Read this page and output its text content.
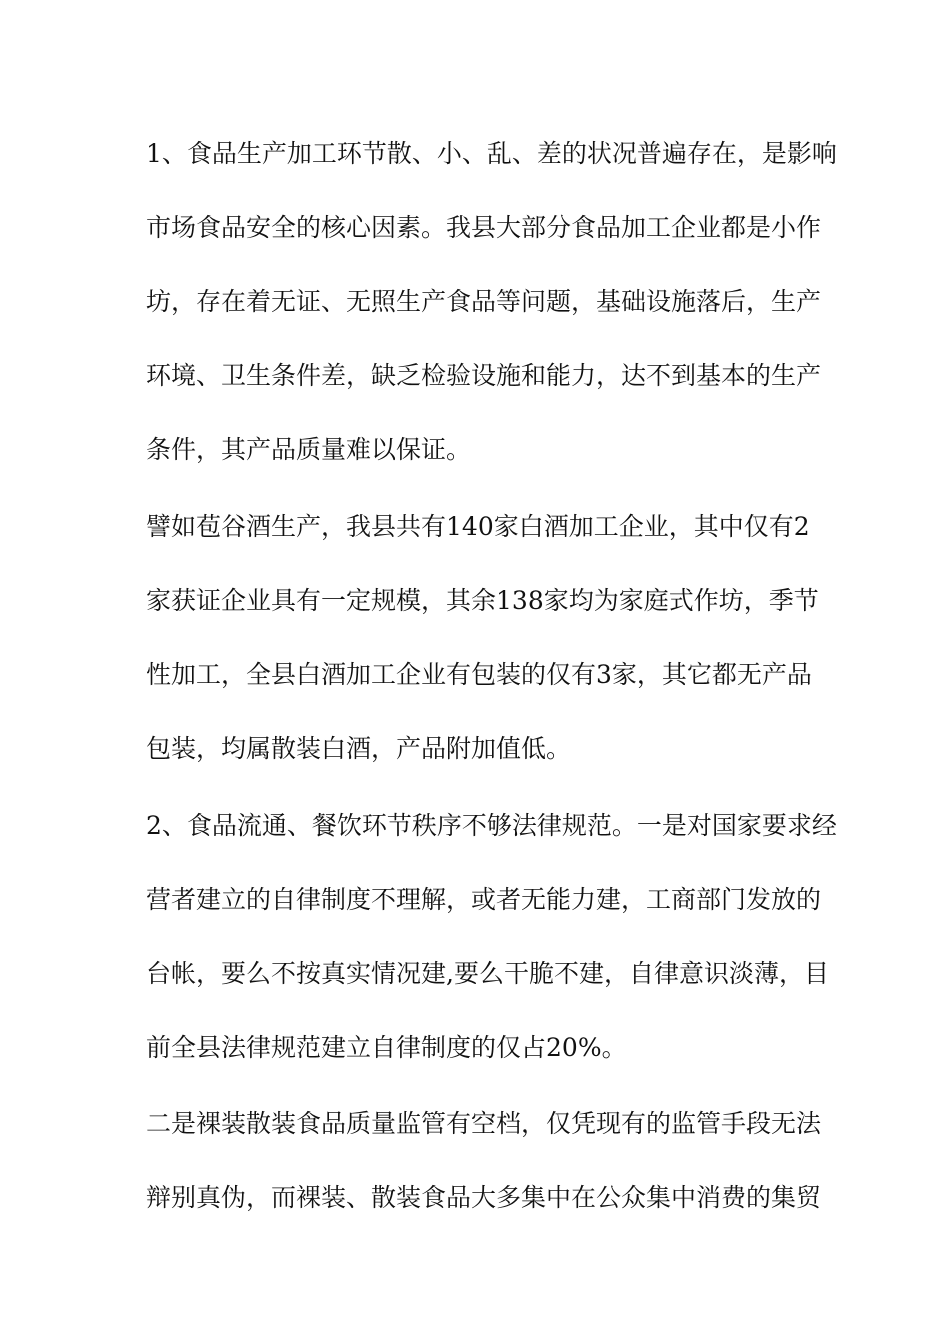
1、食品生产加工环节散、小、乱、差的状况普遍存在，是影响
市场食品安全的核心因素。我县大部分食品加工企业都是小作
坊，存在着无证、无照生产食品等问题，基础设施落后，生产
环境、卫生条件差，缺乏检验设施和能力，达不到基本的生产
条件，其产品质量难以保证。
譬如苞谷酒生产，我县共有140家白酒加工企业，其中仅有2
家获证企业具有一定规模，其余138家均为家庭式作坊，季节
性加工，全县白酒加工企业有包装的仅有3家，其它都无产品
包装，均属散装白酒，产品附加值低。
2、食品流通、餐饮环节秩序不够法律规范。一是对国家要求经
营者建立的自律制度不理解，或者无能力建，工商部门发放的
台帐，要么不按真实情况建,要么干脆不建，自律意识淡薄，目
前全县法律规范建立自律制度的仅占20%。
二是裸装散装食品质量监管有空档，仅凭现有的监管手段无法
辩别真伪，而裸装、散装食品大多集中在公众集中消费的集贸
